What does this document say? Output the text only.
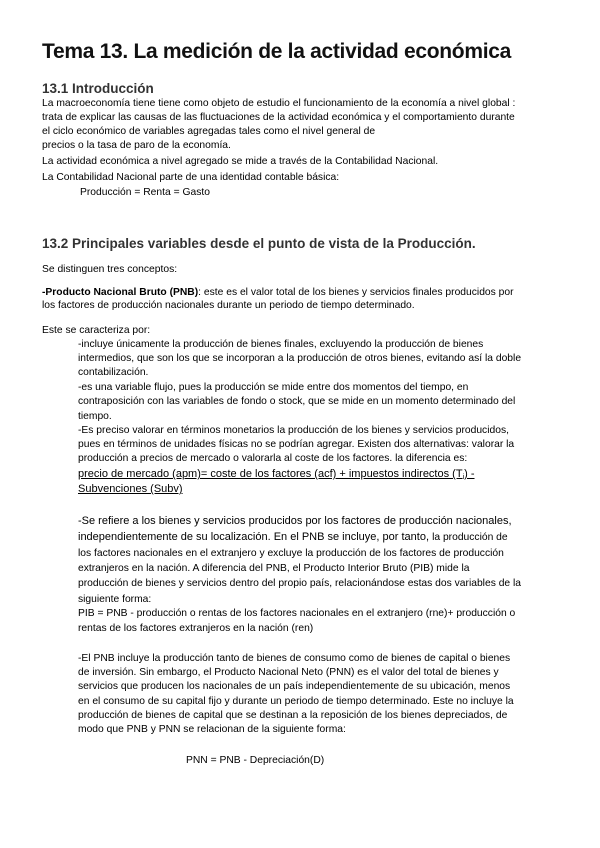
Tema 13. La medición de la actividad económica
13.1 Introducción

La macroeconomía tiene tiene como objeto de estudio el funcionamiento de la economía a nivel global :

trata de explicar las causas de las fluctuaciones de la actividad económica y el comportamiento durante

el ciclo económico de variables agregadas tales como el nivel general de

precios o la tasa de paro de la economía.

La actividad económica a nivel agregado se mide a través de la Contabilidad Nacional.

La Contabilidad Nacional parte de una identidad contable básica:

Producción = Renta = Gasto

13.2 Principales variables desde el punto de vista de la Producción.

Se distinguen tres conceptos:

-Producto Nacional Bruto (PNB): este es el valor total de los bienes y servicios finales producidos por

los factores de producción nacionales durante un periodo de tiempo determinado.

Este se caracteriza por:

-incluye únicamente la producción de bienes finales, excluyendo la producción de bienes

intermedios, que son los que se incorporan a la producción de otros bienes, evitando así la doble

contabilización.

-es una variable flujo, pues la producción se mide entre dos momentos del tiempo, en

contraposición con las variables de fondo o stock, que se mide en un momento determinado del

tiempo.

-Es preciso valorar en términos monetarios la producción de los bienes y servicios producidos,

pues en términos de unidades físicas no se podrían agregar. Existen dos alternativas: valorar la

producción a precios de mercado o valorarla al coste de los factores. la diferencia es:

precio de mercado (apm)= coste de los factores (acf) + impuestos indirectos $(T_i)$ -

Subvenciones (Subv)

-Se refiere a los bienes y servicios producidos por los factores de producción nacionales,

independientemente de su localización. En el PNB se incluye, por tanto, la producción de

los factores nacionales en el extranjero y excluye la producción de los factores de producción

extranjeros en la nación. A diferencia del PNB, el Producto Interior Bruto (PIB) mide la

producción de bienes y servicios dentro del propio país, relacionándose estas dos variables de la

siguiente forma:

PIB = PNB - producción o rentas de los factores nacionales en el extranjero (rne)+ producción o

rentas de los factores extranjeros en la nación (ren)

-El PNB incluye la producción tanto de bienes de consumo como de bienes de capital o bienes

de inversión. Sin embargo, el Producto Nacional Neto (PNN) es el valor del total de bienes y

servicios que producen los nacionales de un país independientemente de su ubicación, menos

en el consumo de su capital fijo y durante un periodo de tiempo determinado. Este no incluye la

producción de bienes de capital que se destinan a la reposición de los bienes depreciados, de

modo que PNB y PNN se relacionan de la siguiente forma:

PNN = PNB - Depreciación(D)
